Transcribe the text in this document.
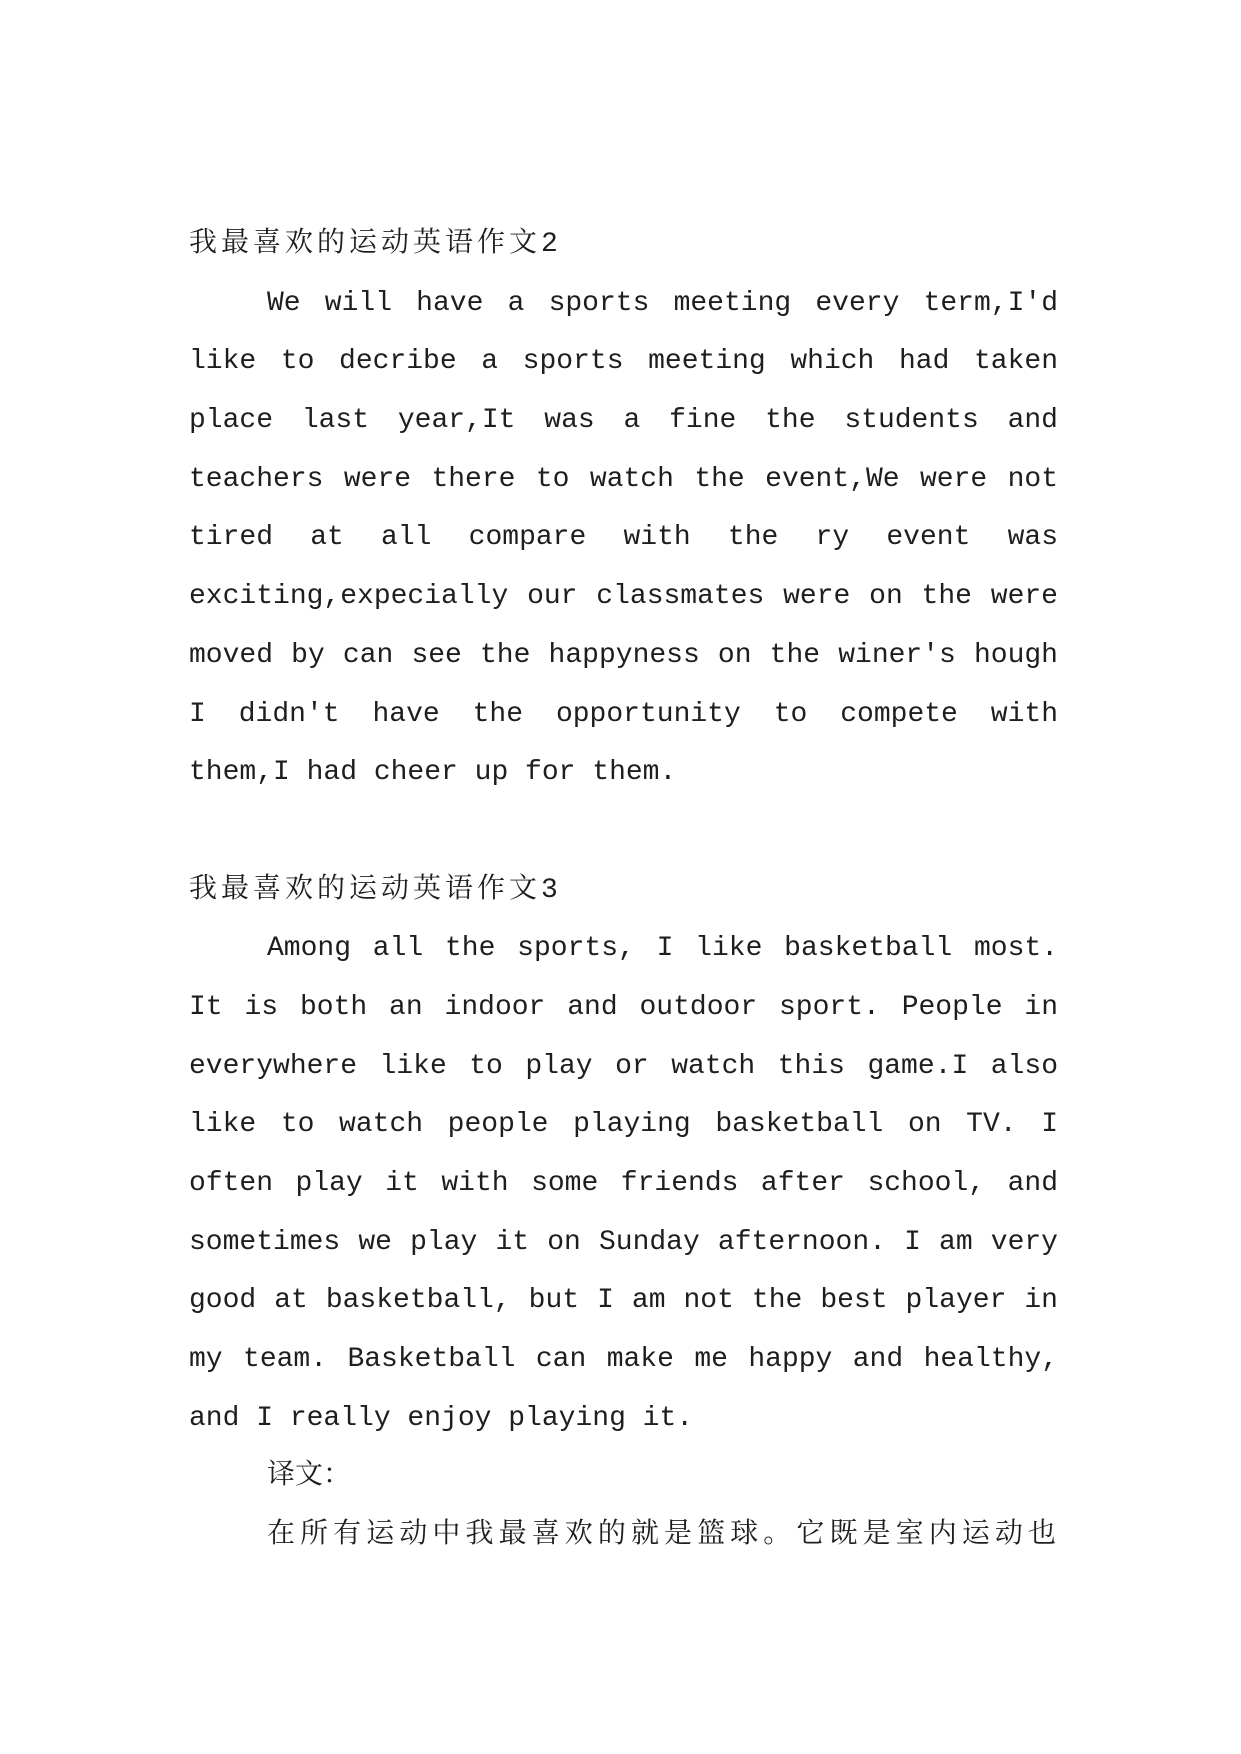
我最喜欢的运动英语作文2
We will have a sports meeting every term,I'd
like to decribe a sports meeting which had taken
place last year,It was a fine the students and
teachers were there to watch the event,We were not
tired at all compare with the ry event was
exciting,expecially our classmates were on the were
moved by can see the happyness on the winer's hough
I didn't have the opportunity to compete with
them,I had cheer up for them.
我最喜欢的运动英语作文3
Among all the sports, I like basketball most.
It is both an indoor and outdoor sport. People in
everywhere like to play or watch this game.I also
like to watch people playing basketball on TV. I
often play it with some friends after school, and
sometimes we play it on Sunday afternoon. I am very
good at basketball, but I am not the best player in
my team. Basketball can make me happy and healthy,
and I really enjoy playing it.
译文：
在所有运动中我最喜欢的就是篮球。它既是室内运动也
